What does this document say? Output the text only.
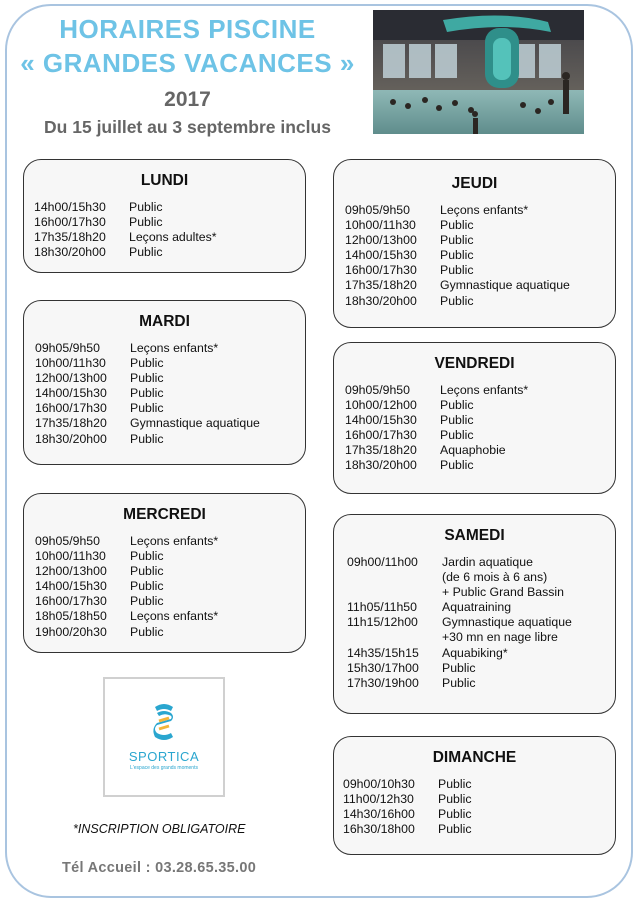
HORAIRES PISCINE
« GRANDES VACANCES »
2017
Du 15 juillet au 3 septembre inclus
LUNDI
14h00/15h30	Public
16h00/17h30	Public
17h35/18h20	Leçons adultes*
18h30/20h00	Public
MARDI
09h05/9h50	Leçons enfants*
10h00/11h30	Public
12h00/13h00	Public
14h00/15h30	Public
16h00/17h30	Public
17h35/18h20	Gymnastique aquatique
18h30/20h00	Public
MERCREDI
09h05/9h50	Leçons enfants*
10h00/11h30	Public
12h00/13h00	Public
14h00/15h30	Public
16h00/17h30	Public
18h05/18h50	Leçons enfants*
19h00/20h30	Public
JEUDI
09h05/9h50	Leçons enfants*
10h00/11h30	Public
12h00/13h00	Public
14h00/15h30	Public
16h00/17h30	Public
17h35/18h20	Gymnastique aquatique
18h30/20h00	Public
VENDREDI
09h05/9h50	Leçons enfants*
10h00/12h00	Public
14h00/15h30	Public
16h00/17h30	Public
17h35/18h20	Aquaphobie
18h30/20h00	Public
SAMEDI
09h00/11h00	Jardin aquatique
(de 6 mois à 6 ans)
+ Public Grand Bassin
11h05/11h50	Aquatraining
11h15/12h00	Gymnastique aquatique
+30 mn en nage libre
14h35/15h15	Aquabiking*
15h30/17h00	Public
17h30/19h00	Public
DIMANCHE
09h00/10h30	Public
11h00/12h30	Public
14h30/16h00	Public
16h30/18h00	Public
SPORTICA
L'espace des grands moments
*INSCRIPTION OBLIGATOIRE
Tél Accueil : 03.28.65.35.00
